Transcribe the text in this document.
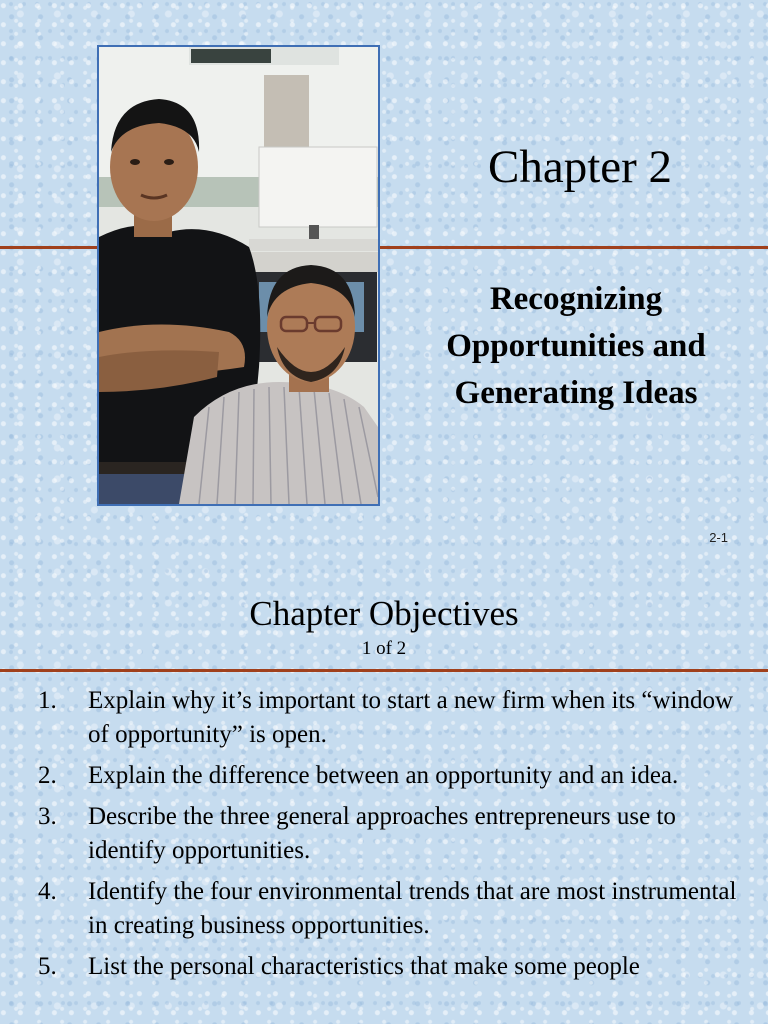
Chapter 2
Recognizing
Opportunities and
Generating Ideas
2-1
Chapter Objectives
1 of 2
1. Explain why it’s important to start a new firm when its “window of opportunity” is open.
2. Explain the difference between an opportunity and an idea.
3. Describe the three general approaches entrepreneurs use to identify opportunities.
4. Identify the four environmental trends that are most instrumental in creating business opportunities.
5. List the personal characteristics that make some people
